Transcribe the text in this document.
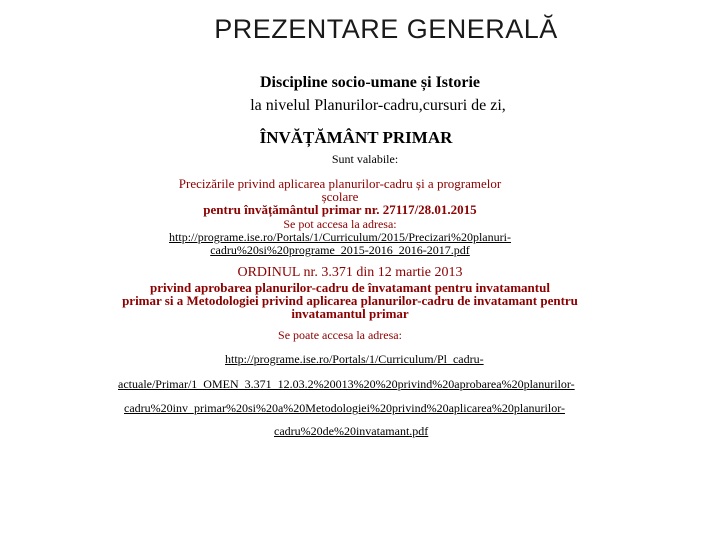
PREZENTARE GENERALĂ
Discipline socio-umane și Istorie
la nivelul Planurilor-cadru,cursuri de zi,
ÎNVĂȚĂMÂNT PRIMAR
Sunt valabile:
Precizările privind aplicarea planurilor-cadru și a programelor
școlare
pentru învățământul primar nr. 27117/28.01.2015
Se pot accesa la adresa:
http://programe.ise.ro/Portals/1/Curriculum/2015/Precizari%20planuri-
cadru%20si%20programe_2015-2016_2016-2017.pdf
ORDINUL nr. 3.371 din 12 martie 2013
privind aprobarea planurilor-cadru de învatamant pentru invatamantul
primar si a Metodologiei privind aplicarea planurilor-cadru de invatamant pentru
invatamantul primar
Se poate accesa la adresa:
http://programe.ise.ro/Portals/1/Curriculum/Pl_cadru-
actuale/Primar/1_OMEN_3.371_12.03.2%20013%20%20privind%20aprobarea%20planurilor-
cadru%20inv_primar%20si%20a%20Metodologiei%20privind%20aplicarea%20planurilor-
cadru%20de%20invatamant.pdf
